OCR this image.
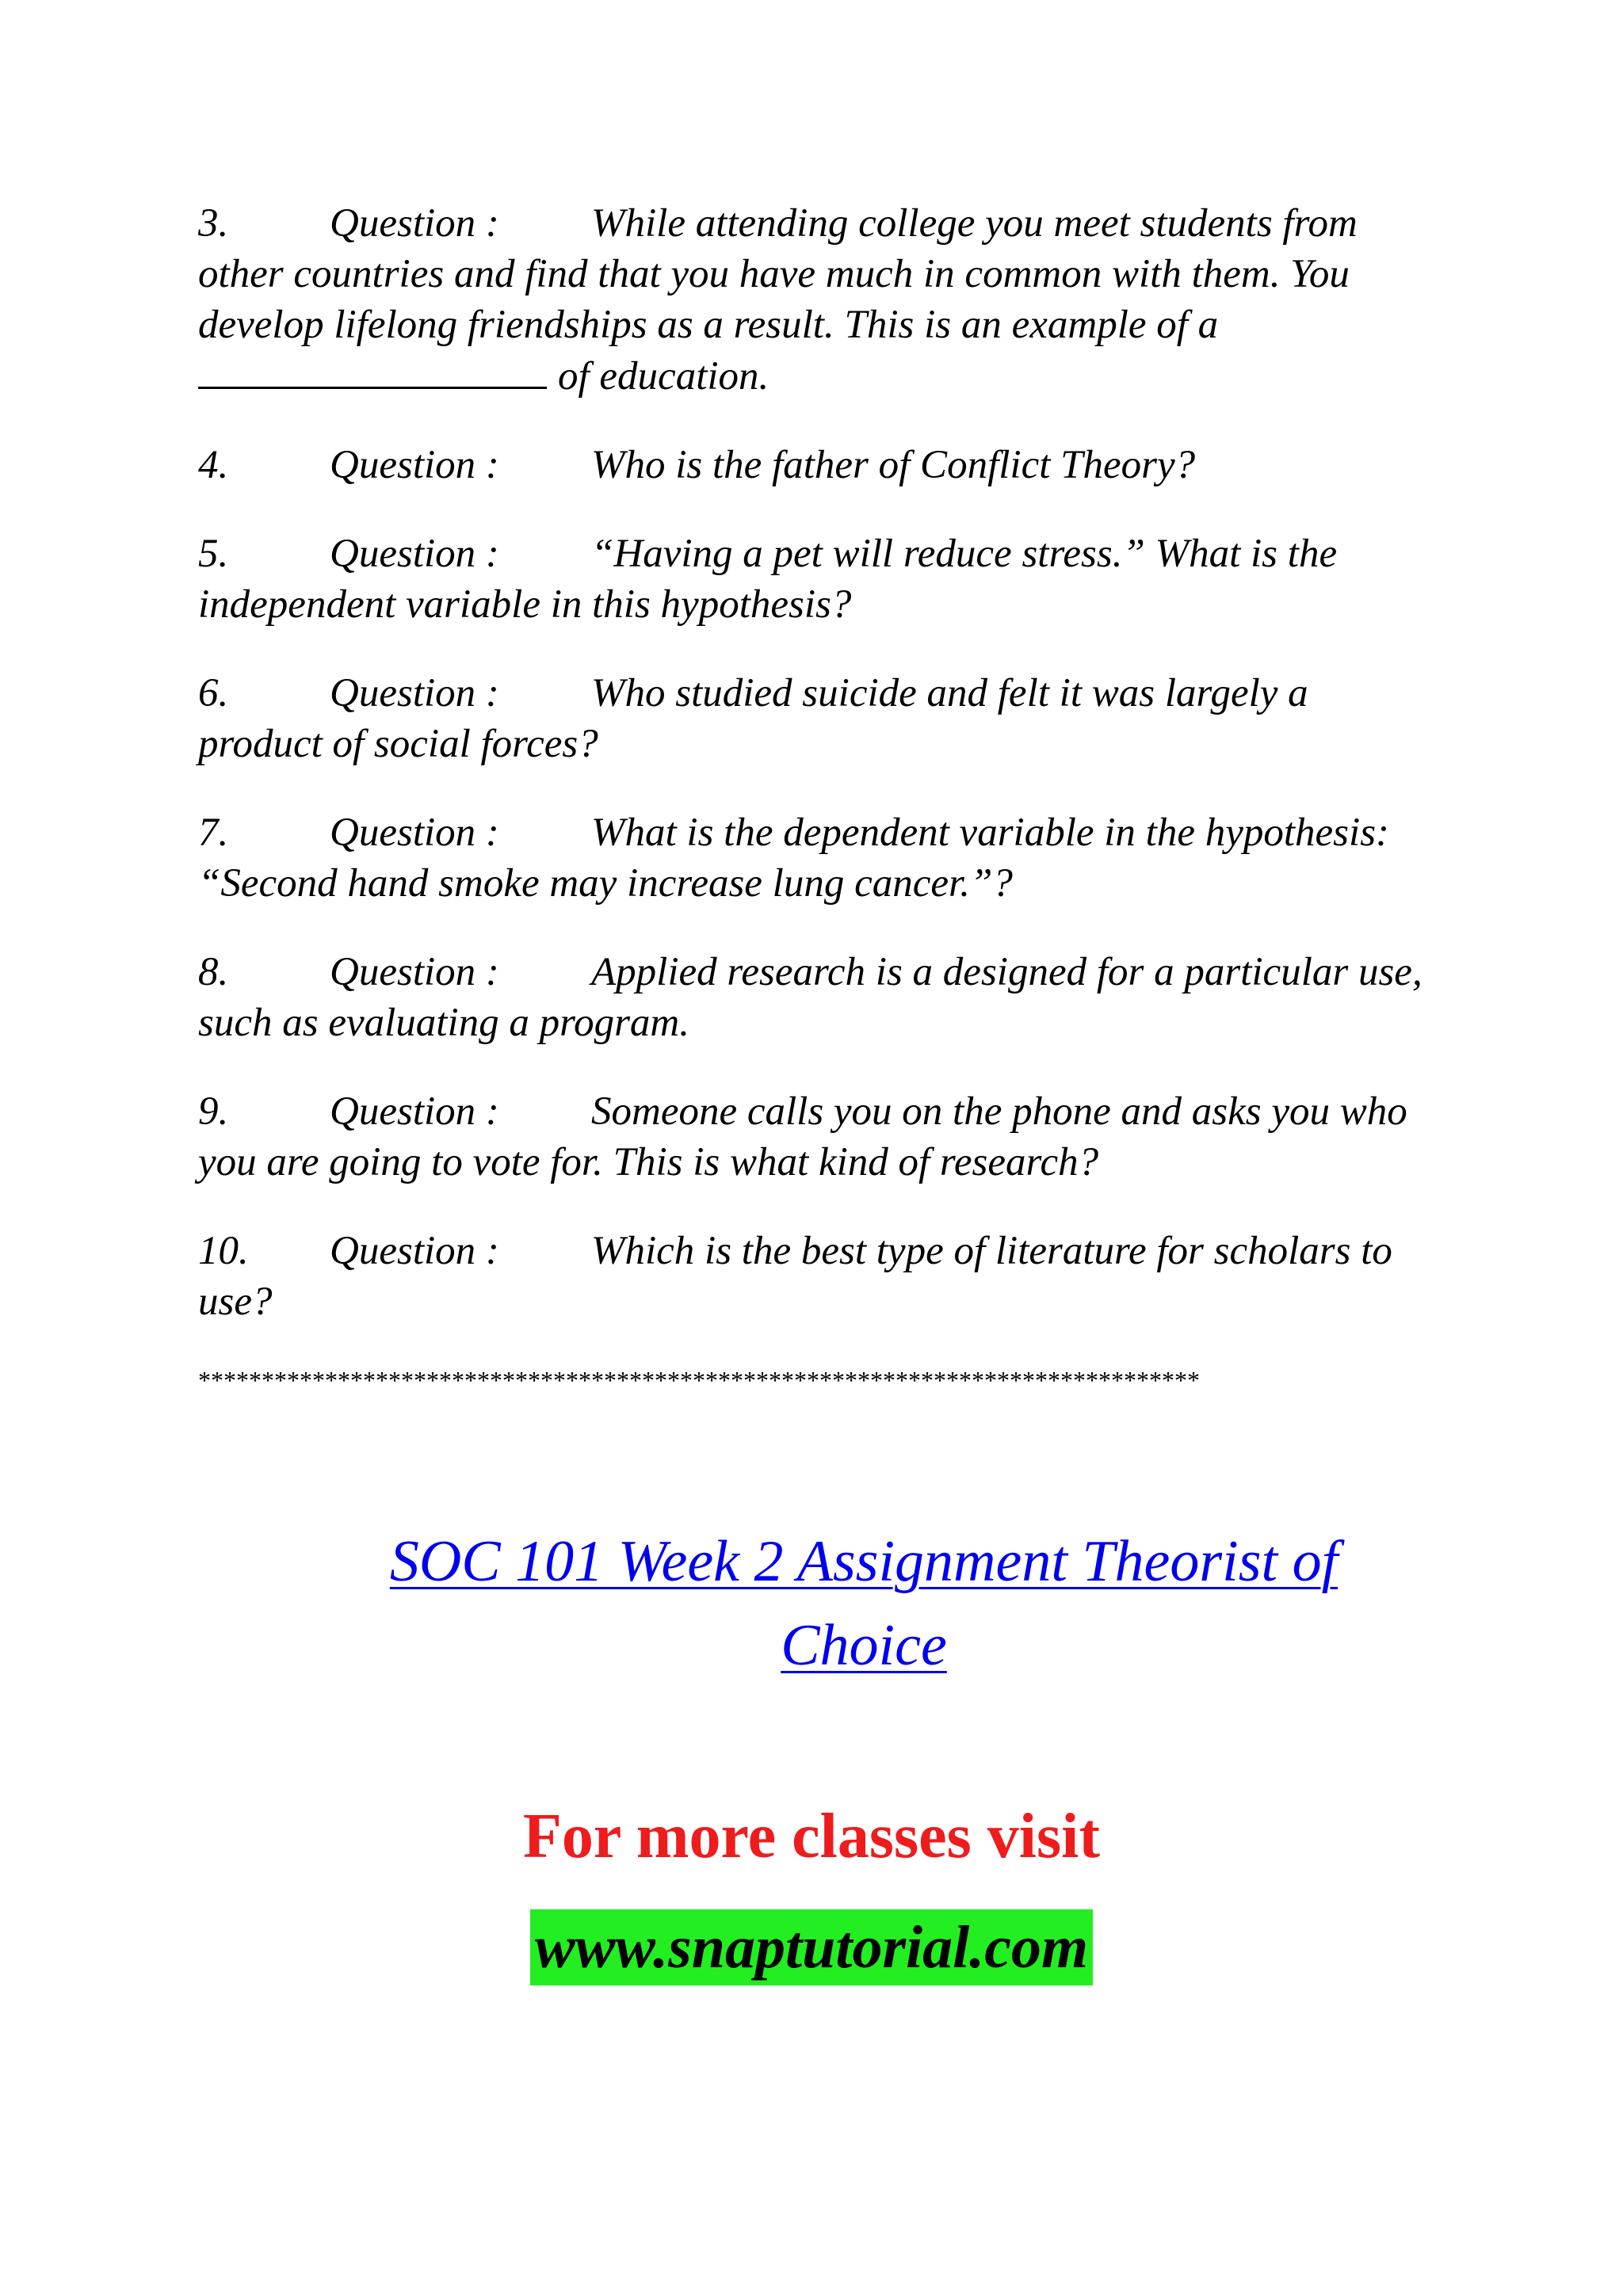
3.	Question : While attending college you meet students from other countries and find that you have much in common with them. You develop lifelong friendships as a result. This is an example of a
of education.

4.	Question : Who is the father of Conflict Theory?

5.	Question : “Having a pet will reduce stress.” What is the independent variable in this hypothesis?

6.	Question : Who studied suicide and felt it was largely a product of social forces?

7.	Question : What is the dependent variable in the hypothesis: “Second hand smoke may increase lung cancer.”?

8.	Question : Applied research is a designed for a particular use, such as evaluating a program.

9.	Question : Someone calls you on the phone and asks you who you are going to vote for. This is what kind of research?

10. Question : Which is the best type of literature for scholars to use?

*******************************************************************************
SOC 101 Week 2 Assignment Theorist of
Choice
For more classes visit
www.snaptutorial.com
